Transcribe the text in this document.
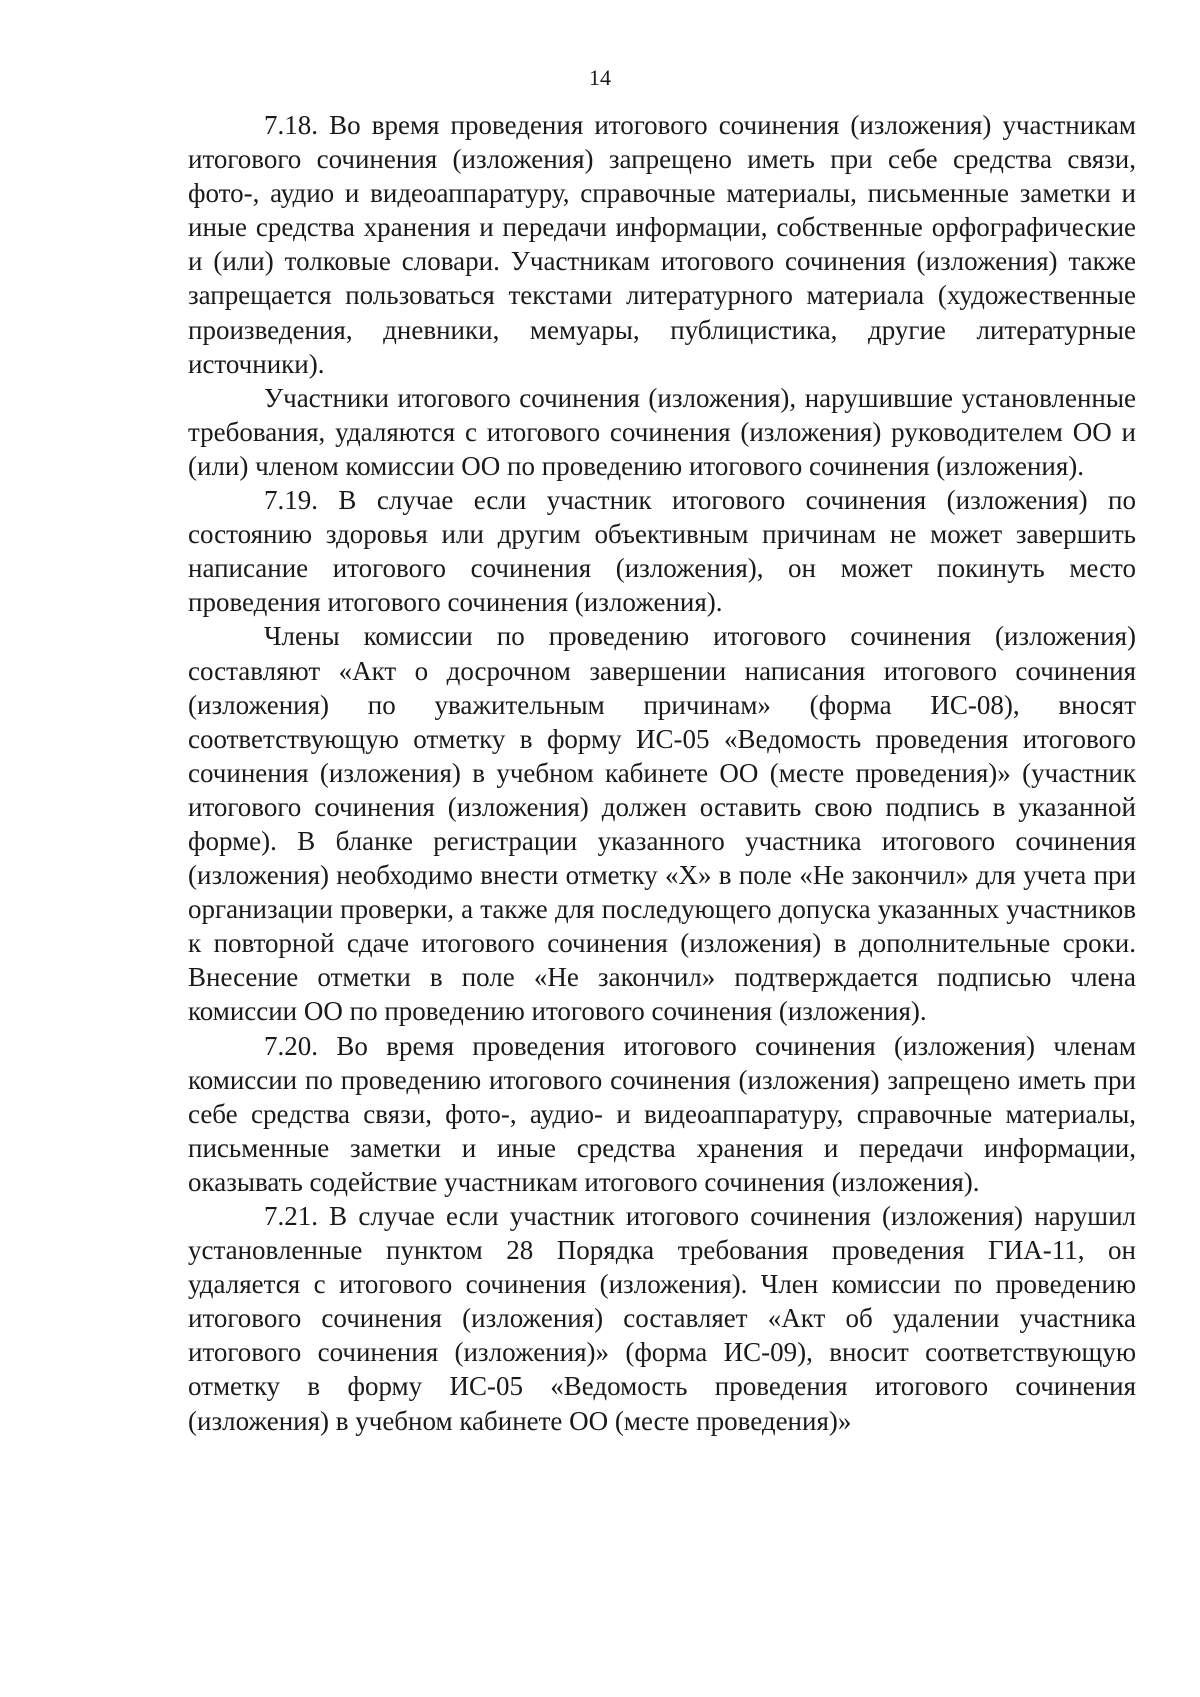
14

7.18. Во время проведения итогового сочинения (изложения) участникам итогового сочинения (изложения) запрещено иметь при себе средства связи, фото-, аудио и видеоаппаратуру, справочные материалы, письменные заметки и иные средства хранения и передачи информации, собственные орфографические и (или) толковые словари. Участникам итогового сочинения (изложения) также запрещается пользоваться текстами литературного материала (художественные произведения, дневники, мемуары, публицистика, другие литературные источники).

Участники итогового сочинения (изложения), нарушившие установленные требования, удаляются с итогового сочинения (изложения) руководителем ОО и (или) членом комиссии ОО по проведению итогового сочинения (изложения).

7.19. В случае если участник итогового сочинения (изложения) по состоянию здоровья или другим объективным причинам не может завершить написание итогового сочинения (изложения), он может покинуть место проведения итогового сочинения (изложения).

Члены комиссии по проведению итогового сочинения (изложения) составляют «Акт о досрочном завершении написания итогового сочинения (изложения) по уважительным причинам» (форма ИС-08), вносят соответствующую отметку в форму ИС-05 «Ведомость проведения итогового сочинения (изложения) в учебном кабинете ОО (месте проведения)» (участник итогового сочинения (изложения) должен оставить свою подпись в указанной форме). В бланке регистрации указанного участника итогового сочинения (изложения) необходимо внести отметку «X» в поле «Не закончил» для учета при организации проверки, а также для последующего допуска указанных участников к повторной сдаче итогового сочинения (изложения) в дополнительные сроки. Внесение отметки в поле «Не закончил» подтверждается подписью члена комиссии ОО по проведению итогового сочинения (изложения).

7.20. Во время проведения итогового сочинения (изложения) членам комиссии по проведению итогового сочинения (изложения) запрещено иметь при себе средства связи, фото-, аудио- и видеоаппаратуру, справочные материалы, письменные заметки и иные средства хранения и передачи информации, оказывать содействие участникам итогового сочинения (изложения).

7.21. В случае если участник итогового сочинения (изложения) нарушил установленные пунктом 28 Порядка требования проведения ГИА-11, он удаляется с итогового сочинения (изложения). Член комиссии по проведению итогового сочинения (изложения) составляет «Акт об удалении участника итогового сочинения (изложения)» (форма ИС-09), вносит соответствующую отметку в форму ИС-05 «Ведомость проведения итогового сочинения (изложения) в учебном кабинете ОО (месте проведения)»
